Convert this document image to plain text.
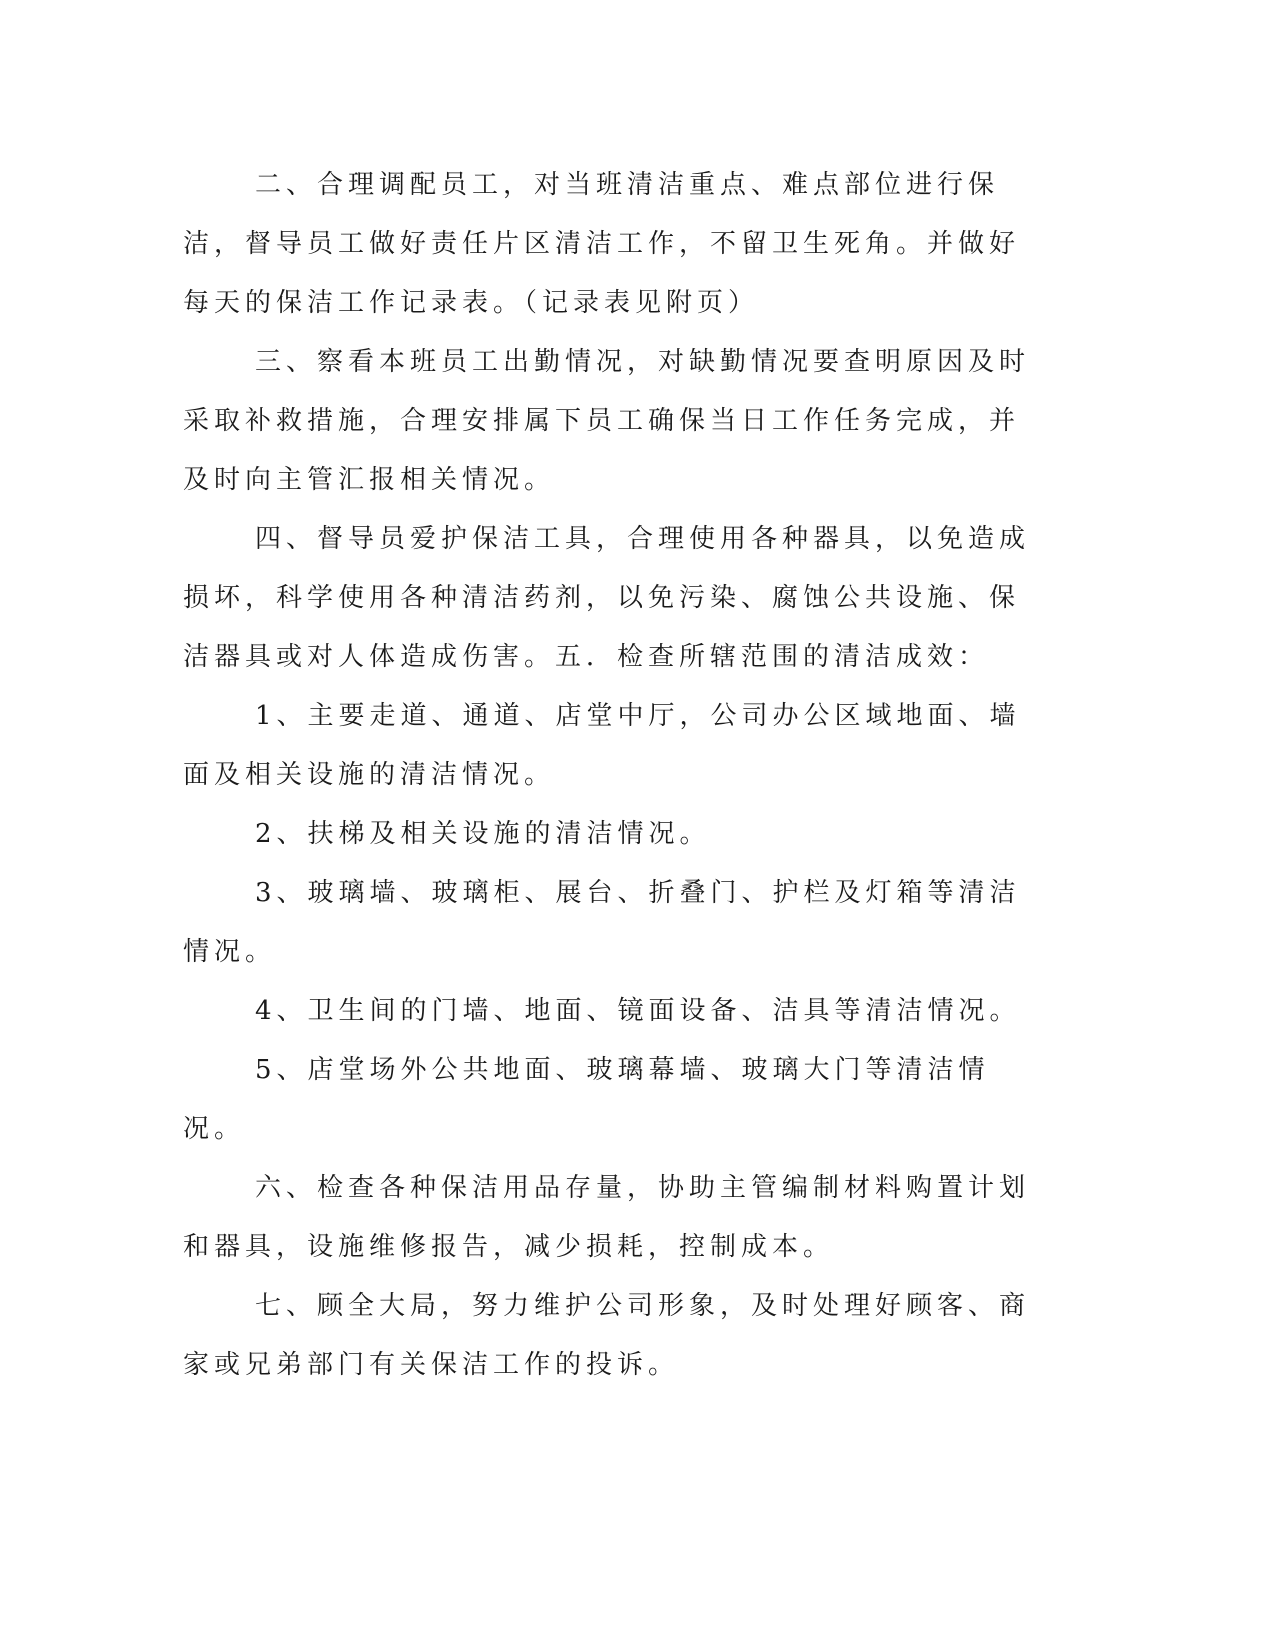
二、合理调配员工，对当班清洁重点、难点部位进行保洁，督导员工做好责任片区清洁工作，不留卫生死角。并做好每天的保洁工作记录表。（记录表见附页）

三、察看本班员工出勤情况，对缺勤情况要查明原因及时采取补救措施，合理安排属下员工确保当日工作任务完成，并及时向主管汇报相关情况。

四、督导员爱护保洁工具，合理使用各种器具，以免造成损坏，科学使用各种清洁药剂，以免污染、腐蚀公共设施、保洁器具或对人体造成伤害。五．检查所辖范围的清洁成效：

1、主要走道、通道、店堂中厅，公司办公区域地面、墙面及相关设施的清洁情况。

2、扶梯及相关设施的清洁情况。

3、玻璃墙、玻璃柜、展台、折叠门、护栏及灯箱等清洁情况。

4、卫生间的门墙、地面、镜面设备、洁具等清洁情况。

5、店堂场外公共地面、玻璃幕墙、玻璃大门等清洁情况。

六、检查各种保洁用品存量，协助主管编制材料购置计划和器具，设施维修报告，减少损耗，控制成本。

七、顾全大局，努力维护公司形象，及时处理好顾客、商家或兄弟部门有关保洁工作的投诉。
